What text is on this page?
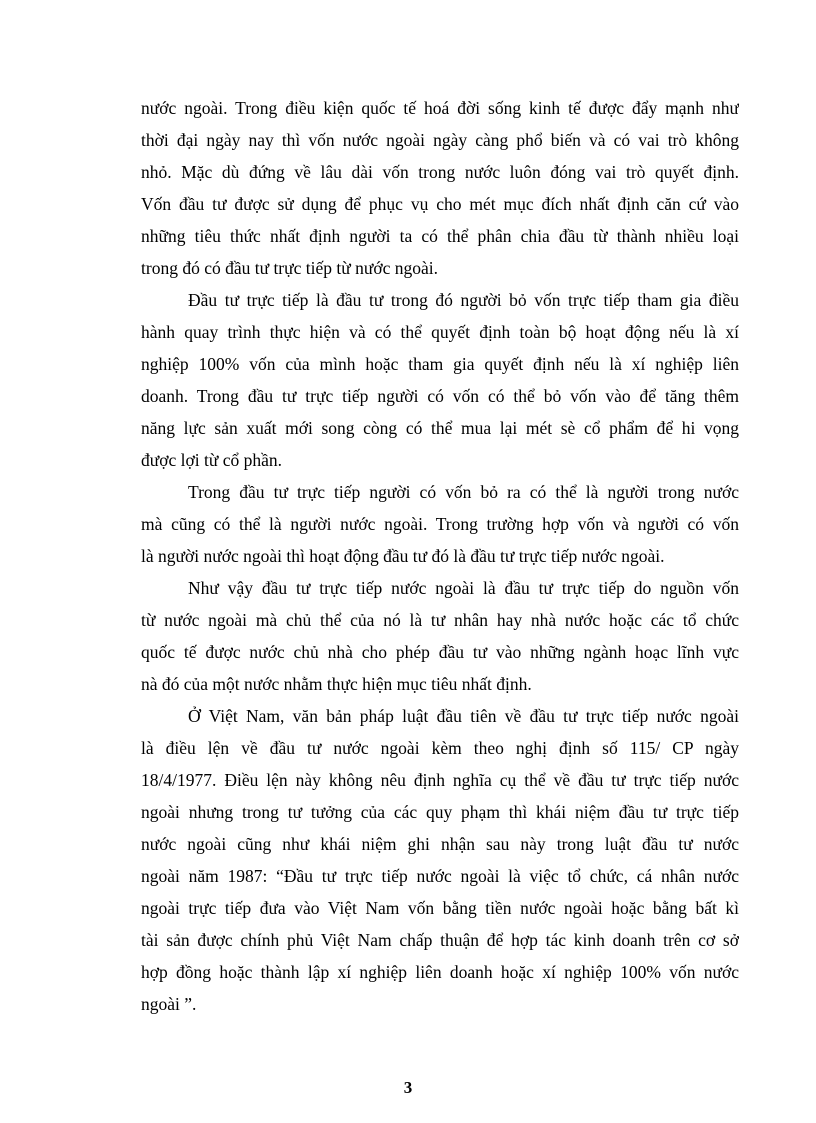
nước ngoài. Trong điều kiện quốc tế hoá đời sống kinh tế được đẩy mạnh như
thời đại ngày nay thì vốn nước ngoài ngày càng phổ biến và có vai trò không
nhỏ. Mặc dù đứng về lâu dài vốn trong nước luôn đóng vai trò quyết định.
Vốn đầu tư được sử dụng để phục vụ cho mét mục đích nhất định căn cứ vào
những tiêu thức nhất định người ta có thể phân chia đầu từ thành nhiều loại
trong đó có đầu tư trực tiếp từ nước ngoài.
Đầu tư trực tiếp là đầu tư trong đó người bỏ vốn trực tiếp tham gia điều
hành quay trình thực hiện và có thể quyết định toàn bộ hoạt động nếu là xí
nghiệp 100% vốn của mình hoặc tham gia quyết định nếu là xí nghiệp liên
doanh. Trong đầu tư trực tiếp người có vốn có thể bỏ vốn vào để tăng thêm
năng lực sản xuất mới song còng có thể mua lại mét sè cổ phẩm để hi vọng
được lợi từ cổ phần.
Trong đầu tư trực tiếp người có vốn bỏ ra có thể là người trong nước
mà cũng có thể là người nước ngoài. Trong trường hợp vốn và người có vốn
là người nước ngoài thì hoạt động đầu tư đó là đầu tư trực tiếp nước ngoài.
Như vậy đầu tư trực tiếp nước ngoài là đầu tư trực tiếp do nguồn vốn
từ nước ngoài mà chủ thể của nó là tư nhân hay nhà nước hoặc các tổ chức
quốc tế được nước chủ nhà cho phép đầu tư vào những ngành hoạc lĩnh vực
nà đó của một nước nhằm thực hiện mục tiêu nhất định.
Ở Việt Nam, văn bản pháp luật đầu tiên về đầu tư trực tiếp nước ngoài
là điều lện về đầu tư nước ngoài kèm theo nghị định số 115/ CP ngày
18/4/1977. Điều lện này không nêu định nghĩa cụ thể về đầu tư trực tiếp nước
ngoài nhưng trong tư tưởng của các quy phạm thì khái niệm đầu tư trực tiếp
nước ngoài cũng như khái niệm ghi nhận sau này trong luật đầu tư nước
ngoài năm 1987: “Đầu tư trực tiếp nước ngoài là việc tổ chức, cá nhân nước
ngoài trực tiếp đưa vào Việt Nam vốn bằng tiền nước ngoài hoặc bằng bất kì
tài sản được chính phủ Việt Nam chấp thuận để hợp tác kinh doanh trên cơ sở
hợp đồng hoặc thành lập xí nghiệp liên doanh hoặc xí nghiệp 100% vốn nước
ngoài ”.
3
